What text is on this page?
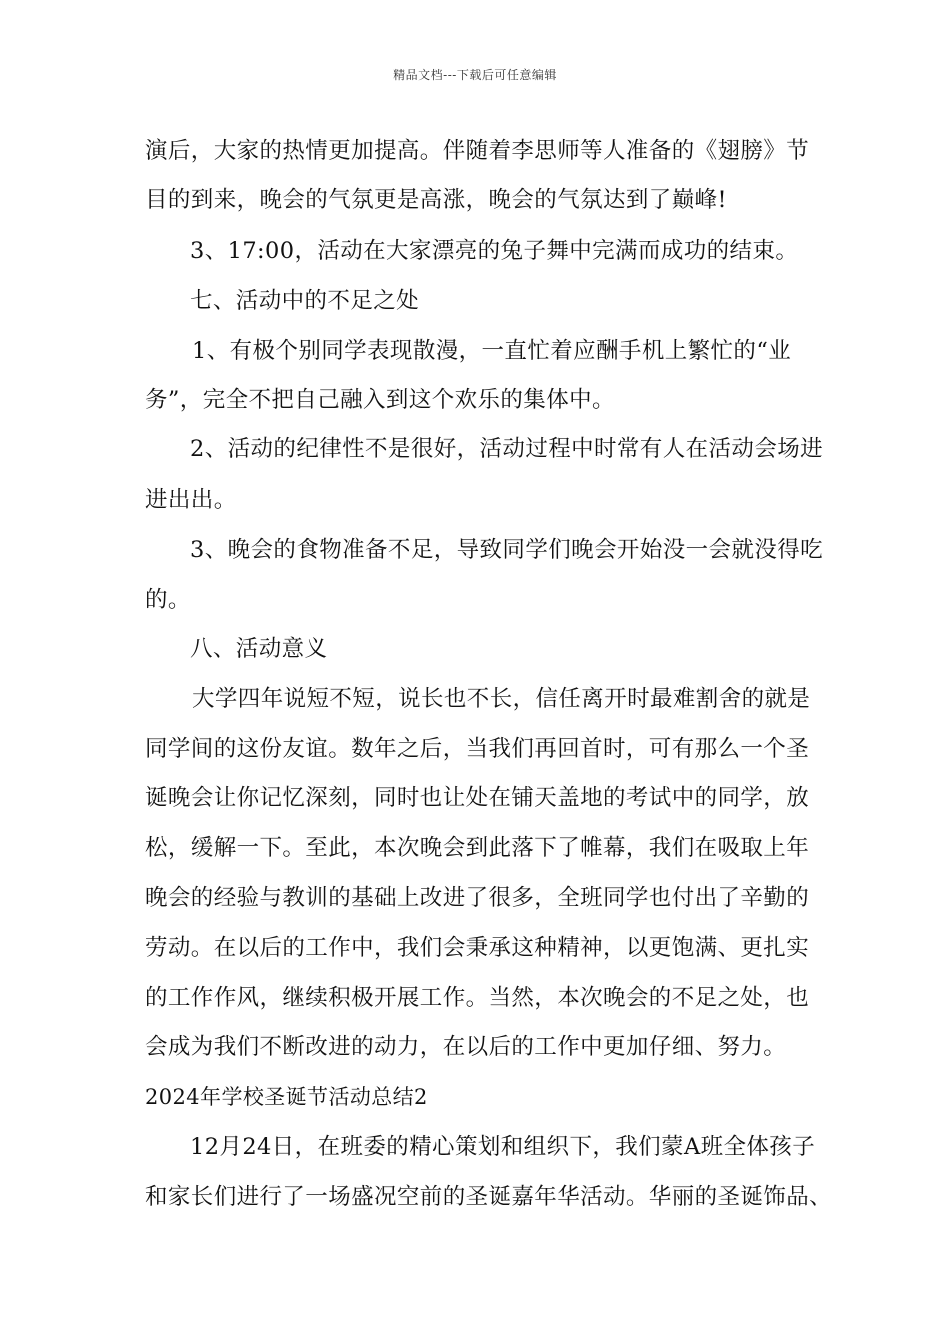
精品文档---下载后可任意编辑
演后，大家的热情更加提高。伴随着李思师等人准备的《翅膀》节
目的到来，晚会的气氛更是高涨，晚会的气氛达到了巅峰!
3、17:00，活动在大家漂亮的兔子舞中完满而成功的结束。
七、活动中的不足之处
1、有极个别同学表现散漫，一直忙着应酬手机上繁忙的“业
务”，完全不把自己融入到这个欢乐的集体中。
2、活动的纪律性不是很好，活动过程中时常有人在活动会场进
进出出。
3、晚会的食物准备不足，导致同学们晚会开始没一会就没得吃
的。
八、活动意义
大学四年说短不短，说长也不长，信任离开时最难割舍的就是
同学间的这份友谊。数年之后，当我们再回首时，可有那么一个圣
诞晚会让你记忆深刻，同时也让处在铺天盖地的考试中的同学，放
松，缓解一下。至此，本次晚会到此落下了帷幕，我们在吸取上年
晚会的经验与教训的基础上改进了很多，全班同学也付出了辛勤的
劳动。在以后的工作中，我们会秉承这种精神，以更饱满、更扎实
的工作作风，继续积极开展工作。当然，本次晚会的不足之处，也
会成为我们不断改进的动力，在以后的工作中更加仔细、努力。
2024年学校圣诞节活动总结2
12月24日，在班委的精心策划和组织下，我们蒙A班全体孩子
和家长们进行了一场盛况空前的圣诞嘉年华活动。华丽的圣诞饰品、
